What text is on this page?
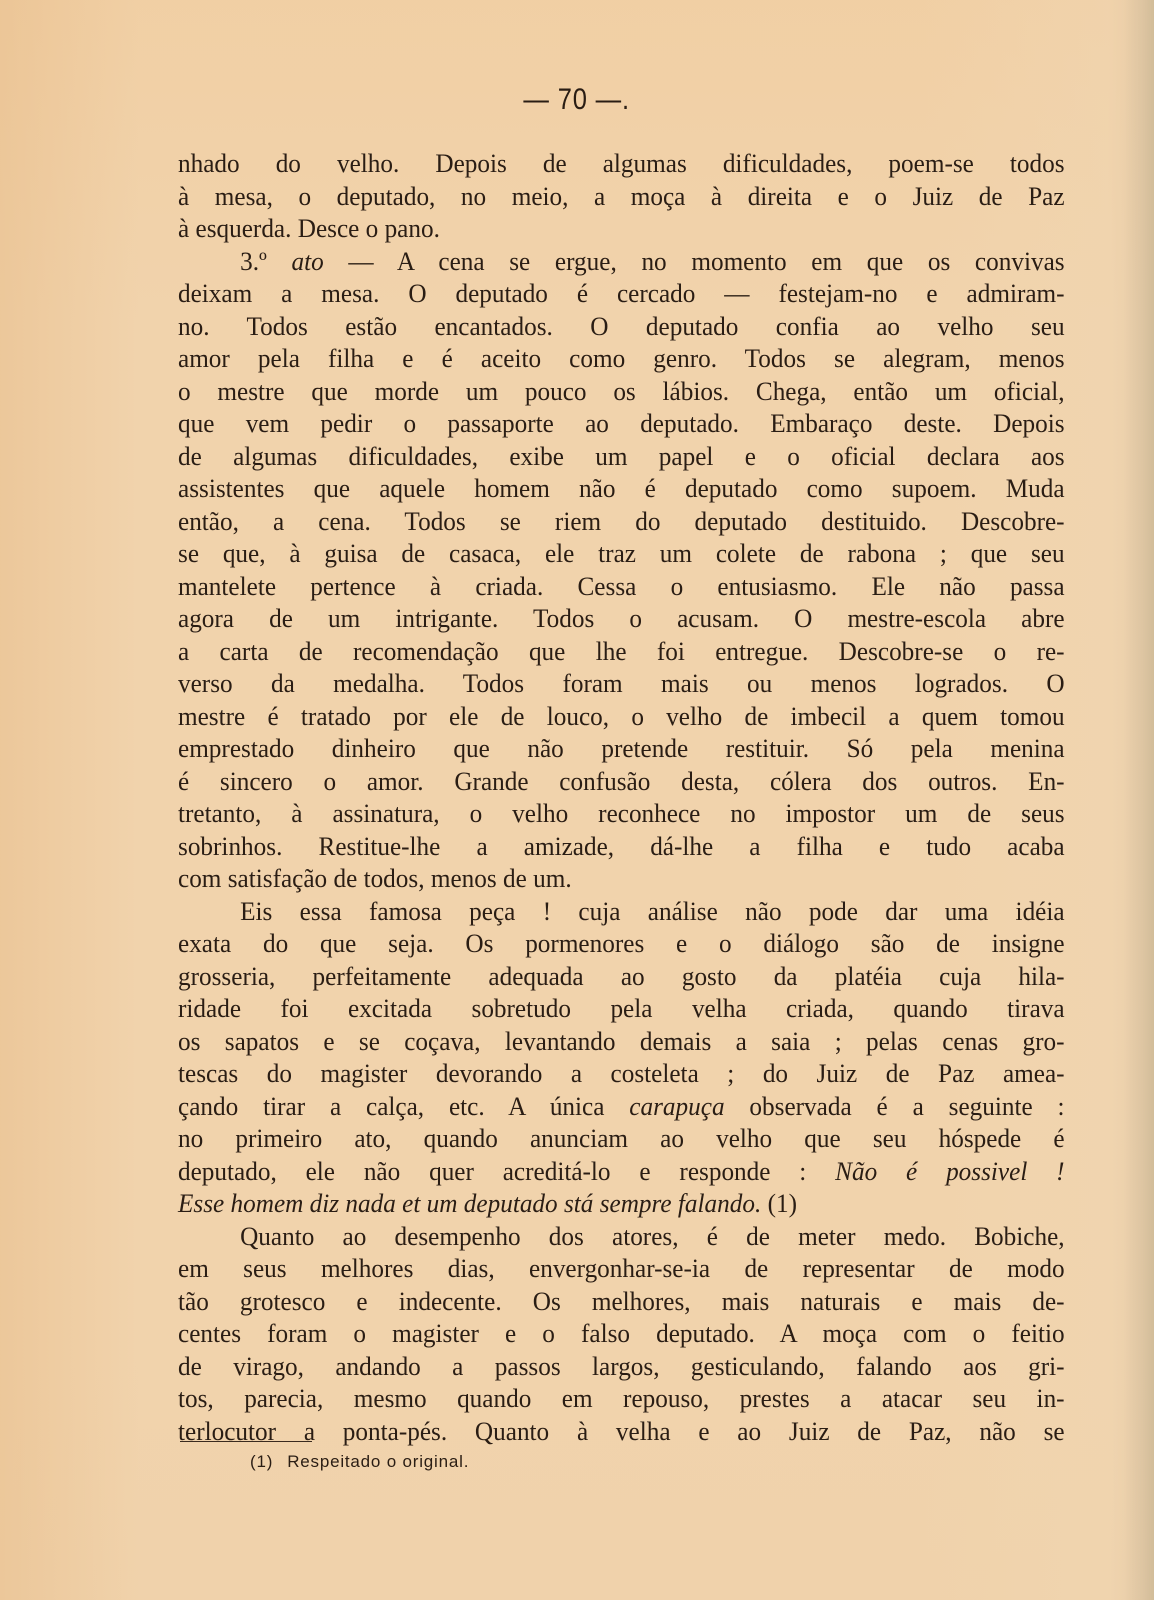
— 70 —.
nhado do velho. Depois de algumas dificuldades, poem-se todos
à mesa, o deputado, no meio, a moça à direita e o Juiz de Paz
à esquerda. Desce o pano.
3.º ato — A cena se ergue, no momento em que os convivas
deixam a mesa. O deputado é cercado — festejam-no e admiram-
no. Todos estão encantados. O deputado confia ao velho seu
amor pela filha e é aceito como genro. Todos se alegram, menos
o mestre que morde um pouco os lábios. Chega, então um oficial,
que vem pedir o passaporte ao deputado. Embaraço deste. Depois
de algumas dificuldades, exibe um papel e o oficial declara aos
assistentes que aquele homem não é deputado como supoem. Muda
então, a cena. Todos se riem do deputado destituido. Descobre-
se que, à guisa de casaca, ele traz um colete de rabona ; que seu
mantelete pertence à criada. Cessa o entusiasmo. Ele não passa
agora de um intrigante. Todos o acusam. O mestre-escola abre
a carta de recomendação que lhe foi entregue. Descobre-se o re-
verso da medalha. Todos foram mais ou menos logrados. O
mestre é tratado por ele de louco, o velho de imbecil a quem tomou
emprestado dinheiro que não pretende restituir. Só pela menina
é sincero o amor. Grande confusão desta, cólera dos outros. En-
tretanto, à assinatura, o velho reconhece no impostor um de seus
sobrinhos. Restitue-lhe a amizade, dá-lhe a filha e tudo acaba
com satisfação de todos, menos de um.
Eis essa famosa peça ! cuja análise não pode dar uma idéia
exata do que seja. Os pormenores e o diálogo são de insigne
grosseria, perfeitamente adequada ao gosto da platéia cuja hila-
ridade foi excitada sobretudo pela velha criada, quando tirava
os sapatos e se coçava, levantando demais a saia ; pelas cenas gro-
tescas do magister devorando a costeleta ; do Juiz de Paz amea-
çando tirar a calça, etc. A única carapuça observada é a seguinte :
no primeiro ato, quando anunciam ao velho que seu hóspede é
deputado, ele não quer acreditá-lo e responde : Não é possivel !
Esse homem diz nada et um deputado stá sempre falando. (1)
Quanto ao desempenho dos atores, é de meter medo. Bobiche,
em seus melhores dias, envergonhar-se-ia de representar de modo
tão grotesco e indecente. Os melhores, mais naturais e mais de-
centes foram o magister e o falso deputado. A moça com o feitio
de virago, andando a passos largos, gesticulando, falando aos gri-
tos, parecia, mesmo quando em repouso, prestes a atacar seu in-
terlocutor a ponta-pés. Quanto à velha e ao Juiz de Paz, não se
(1) Respeitado o original.
